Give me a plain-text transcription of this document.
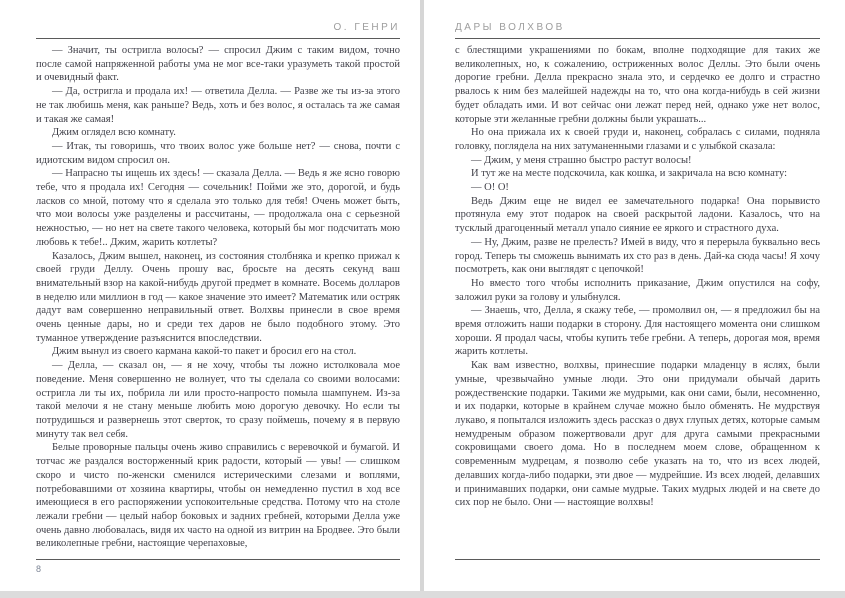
О. ГЕНРИ

— Значит, ты остригла волосы? — спросил Джим с таким видом, точно после самой напряженной работы ума не мог все-таки уразуметь такой простой и очевидный факт.

— Да, остригла и продала их! — ответила Делла. — Разве же ты из-за этого не так любишь меня, как раньше? Ведь, хоть и без волос, я осталась та же самая и такая же самая!

Джим оглядел всю комнату.

— Итак, ты говоришь, что твоих волос уже больше нет? — снова, почти с идиотским видом спросил он.

— Напрасно ты ищешь их здесь! — сказала Делла. — Ведь я же ясно говорю тебе, что я продала их! Сегодня — сочельник! Пойми же это, дорогой, и будь ласков со мной, потому что я сделала это только для тебя! Очень может быть, что мои волосы уже разделены и рассчитаны, — продолжала она с серьезной нежностью, — но нет на свете такого человека, который бы мог подсчитать мою любовь к тебе!.. Джим, жарить котлеты?

Казалось, Джим вышел, наконец, из состояния столбняка и крепко прижал к своей груди Деллу. Очень прошу вас, бросьте на десять секунд ваш внимательный взор на какой-нибудь другой предмет в комнате. Восемь долларов в неделю или миллион в год — какое значение это имеет? Математик или остряк дадут вам совершенно неправильный ответ. Волхвы принесли в свое время очень ценные дары, но и среди тех даров не было подобного этому. Это туманное утверждение разъяснится впоследствии.

Джим вынул из своего кармана какой-то пакет и бросил его на стол.

— Делла, — сказал он, — я не хочу, чтобы ты ложно истолковала мое поведение. Меня совершенно не волнует, что ты сделала со своими волосами: остригла ли ты их, побрила ли или просто-напросто помыла шампунем. Из-за такой мелочи я не стану меньше любить мою дорогую девочку. Но если ты потрудишься и развернешь этот сверток, то сразу поймешь, почему я в первую минуту так вел себя.

Белые проворные пальцы очень живо справились с веревочкой и бумагой. И тотчас же раздался восторженный крик радости, который — увы! — слишком скоро и чисто по-женски сменился истерическими слезами и воплями, потребовавшими от хозяина квартиры, чтобы он немедленно пустил в ход все имеющиеся в его распоряжении успокоительные средства. Потому что на столе лежали гребни — целый набор боковых и задних гребней, которыми Делла уже очень давно любовалась, видя их часто на одной из витрин на Бродвее. Это были великолепные гребни, настоящие черепаховые,

8
ДАРЫ ВОЛХВОВ

с блестящими украшениями по бокам, вполне подходящие для таких же великолепных, но, к сожалению, остриженных волос Деллы. Это были очень дорогие гребни. Делла прекрасно знала это, и сердечко ее долго и страстно рвалось к ним без малейшей надежды на то, что она когда-нибудь в сей жизни будет обладать ими. И вот сейчас они лежат перед ней, однако уже нет волос, которые эти желанные гребни должны были украшать...

Но она прижала их к своей груди и, наконец, собралась с силами, подняла головку, поглядела на них затуманенными глазами и с улыбкой сказала:

— Джим, у меня страшно быстро растут волосы!

И тут же на месте подскочила, как кошка, и закричала на всю комнату:

— О! О!

Ведь Джим еще не видел ее замечательного подарка! Она порывисто протянула ему этот подарок на своей раскрытой ладони. Казалось, что на тусклый драгоценный металл упало сияние ее яркого и страстного духа.

— Ну, Джим, разве не прелесть? Имей в виду, что я перерыла буквально весь город. Теперь ты сможешь вынимать их сто раз в день. Дай-ка сюда часы! Я хочу посмотреть, как они выглядят с цепочкой!

Но вместо того чтобы исполнить приказание, Джим опустился на софу, заложил руки за голову и улыбнулся.

— Знаешь, что, Делла, я скажу тебе, — промолвил он, — я предложил бы на время отложить наши подарки в сторону. Для настоящего момента они слишком хороши. Я продал часы, чтобы купить тебе гребни. А теперь, дорогая моя, время жарить котлеты.

Как вам известно, волхвы, принесшие подарки младенцу в яслях, были умные, чрезвычайно умные люди. Это они придумали обычай дарить рождественские подарки. Такими же мудрыми, как они сами, были, несомненно, и их подарки, которые в крайнем случае можно было обменять. Не мудрствуя лукаво, я попытался изложить здесь рассказ о двух глупых детях, которые самым немудреным образом пожертвовали друг для друга самыми прекрасными сокровищами своего дома. Но в последнем моем слове, обращенном к современным мудрецам, я позволю себе указать на то, что из всех людей, делавших когда-либо подарки, эти двое — мудрейшие. Из всех людей, делавших и принимавших подарки, они самые мудрые. Таких мудрых людей и на свете до сих пор не было. Они — настоящие волхвы!
